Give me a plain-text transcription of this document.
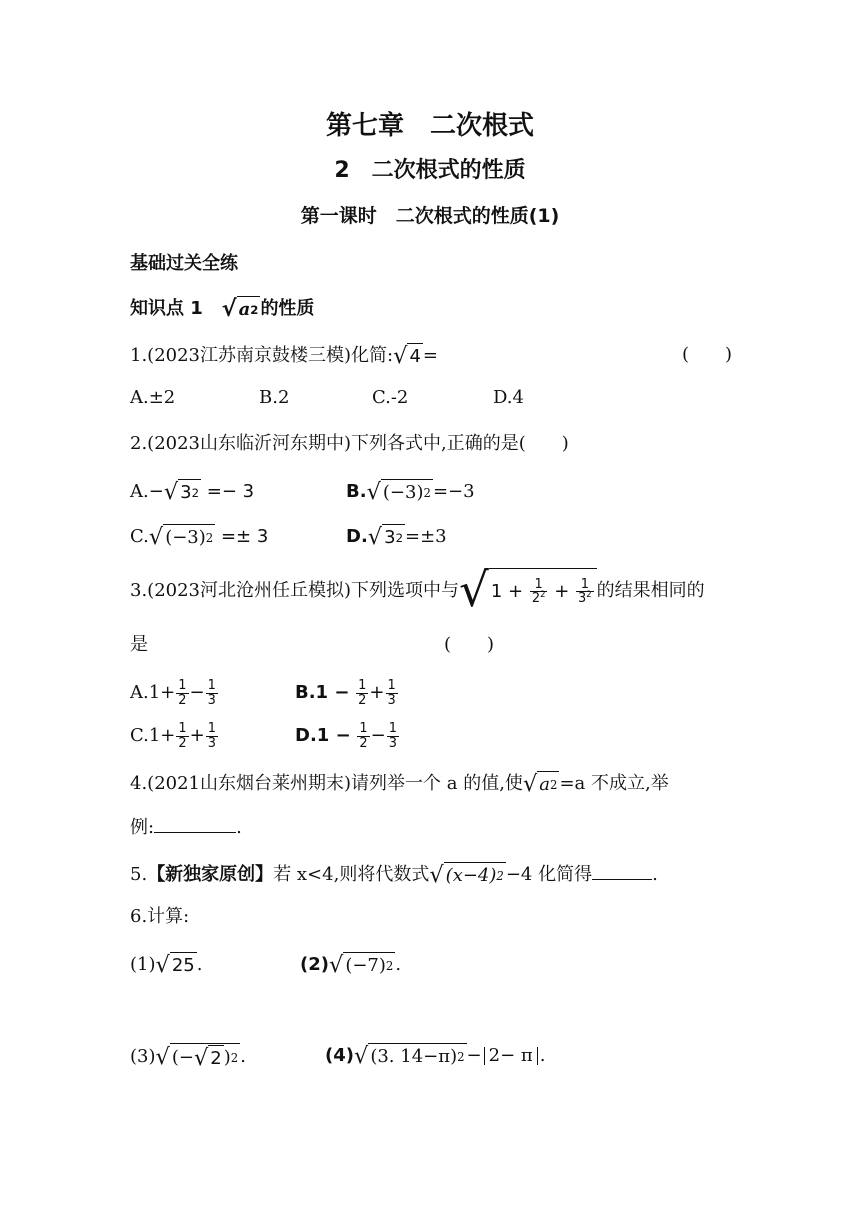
第七章　二次根式
2　二次根式的性质
第一课时　二次根式的性质(1)
基础过关全练
知识点 1 √ a 2 的性质
1.(2023江苏南京鼓楼三模)化简: √ 4 =	(　　)
A.±2	B.2	C.-2	D.4
2.(2023山东临沂河东期中)下列各式中,正确的是(　　)
A.− √ 3 2 =− 3	B. √ (−3) 2 =−3
C. √ (−3) 2 =± 3	D. √ 3 2 =±3
3.(2023河北沧州任丘模拟)下列选项中与 √ 1
+
$\frac{1}{2^2}$
+
$\frac{1}{3^2}$ 的结果相同的
是	(　　)
$A.1+ \frac{1}{2} - \frac{1}{3}$	$B.1 - \frac{1}{2} + \frac{1}{3}$
$C.1+ \frac{1}{2} + \frac{1}{3}$	$D.1 - \frac{1}{2} - \frac{1}{3}$
4.(2021山东烟台莱州期末)请列举一个 a 的值,使 √ a 2 =a 不成立,举
例:	.
5.【新独家原创】若 x<4,则将代数式 √ (x−4) 2 −4 化简得	.
6.计算:
(1) √ 25 .	(2) √ (−7) 2 .
(3) √ (− √ 2 ) 2 .	(4) √ (3. 14−π) 2 − 2− π .
